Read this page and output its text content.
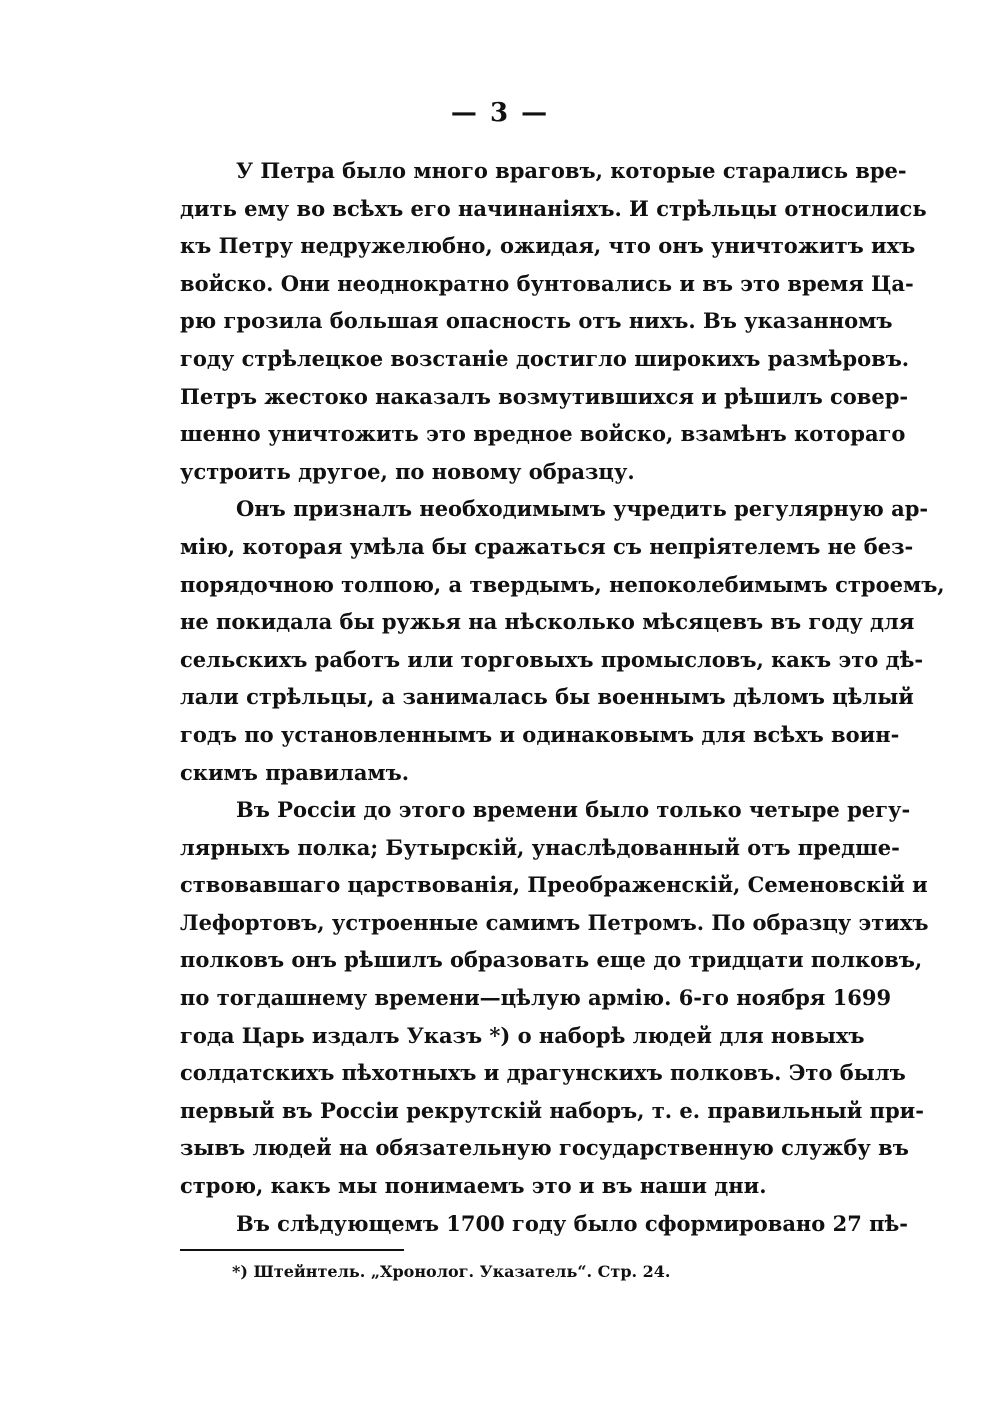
— 3 —
У Петра было много враговъ, которые старались вре-
дить ему во всѣхъ его начинаніяхъ. И стрѣльцы относились
къ Петру недружелюбно, ожидая, что онъ уничтожитъ ихъ
войско. Они неоднократно бунтовались и въ это время Ца-
рю грозила большая опасность отъ нихъ. Въ указанномъ
году стрѣлецкое возстаніе достигло широкихъ размѣровъ.
Петръ жестоко наказалъ возмутившихся и рѣшилъ совер-
шенно уничтожить это вредное войско, взамѣнъ котораго
устроить другое, по новому образцу.
Онъ призналъ необходимымъ учредить регулярную ар-
мію, которая умѣла бы сражаться съ непріятелемъ не без-
порядочною толпою, а твердымъ, непоколебимымъ строемъ,
не покидала бы ружья на нѣсколько мѣсяцевъ въ году для
сельскихъ работъ или торговыхъ промысловъ, какъ это дѣ-
лали стрѣльцы, а занималась бы военнымъ дѣломъ цѣлый
годъ по установленнымъ и одинаковымъ для всѣхъ воин-
скимъ правиламъ.
Въ Россіи до этого времени было только четыре регу-
лярныхъ полка; Бутырскій, унаслѣдованный отъ предше-
ствовавшаго царствованія, Преображенскій, Семеновскій и
Лефортовъ, устроенные самимъ Петромъ. По образцу этихъ
полковъ онъ рѣшилъ образовать еще до тридцати полковъ,
по тогдашнему времени—цѣлую армію. 6-го ноября 1699
года Царь издалъ Указъ *) о наборѣ людей для новыхъ
солдатскихъ пѣхотныхъ и драгунскихъ полковъ. Это былъ
первый въ Россіи рекрутскій наборъ, т. е. правильный при-
зывъ людей на обязательную государственную службу въ
строю, какъ мы понимаемъ это и въ наши дни.
Въ слѣдующемъ 1700 году было сформировано 27 пѣ-
*) Штейнтель. „Хронолог. Указатель“. Стр. 24.
